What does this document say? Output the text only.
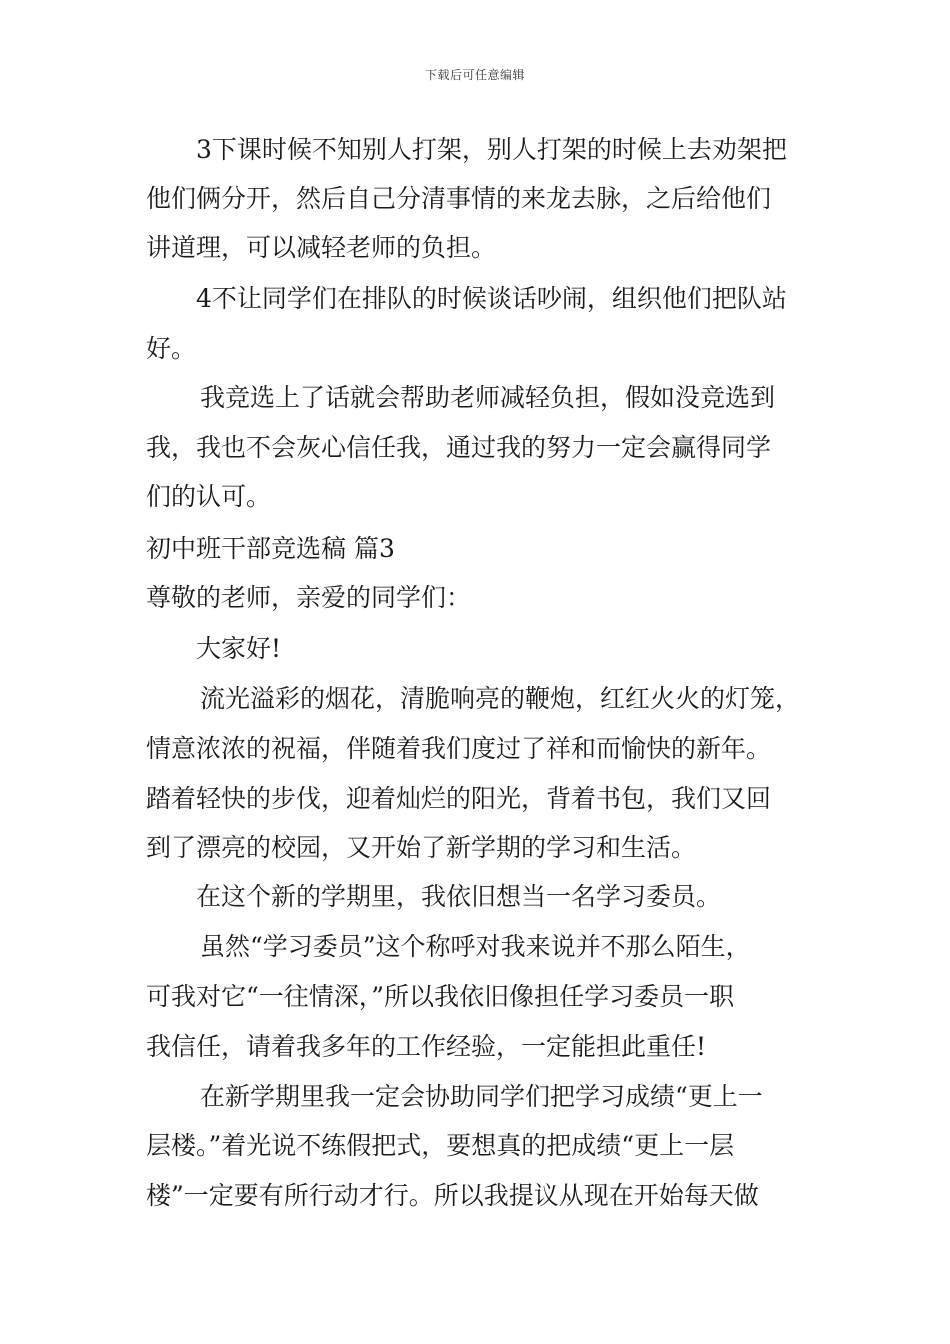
下载后可任意编辑
3下课时候不知别人打架，别人打架的时候上去劝架把
他们俩分开，然后自己分清事情的来龙去脉，之后给他们
讲道理，可以减轻老师的负担。
4不让同学们在排队的时候谈话吵闹，组织他们把队站
好。
我竞选上了话就会帮助老师减轻负担，假如没竞选到
我，我也不会灰心信任我，通过我的努力一定会赢得同学
们的认可。
初中班干部竞选稿 篇3
尊敬的老师，亲爱的同学们：
大家好!
流光溢彩的烟花，清脆响亮的鞭炮，红红火火的灯笼，
情意浓浓的祝福，伴随着我们度过了祥和而愉快的新年。
踏着轻快的步伐，迎着灿烂的阳光，背着书包，我们又回
到了漂亮的校园，又开始了新学期的学习和生活。
在这个新的学期里，我依旧想当一名学习委员。
虽然“学习委员”这个称呼对我来说并不那么陌生，
可我对它“一往情深，”所以我依旧像担任学习委员一职
我信任，请着我多年的工作经验，一定能担此重任!
在新学期里我一定会协助同学们把学习成绩“更上一
层楼。”着光说不练假把式，要想真的把成绩“更上一层
楼”一定要有所行动才行。所以我提议从现在开始每天做
